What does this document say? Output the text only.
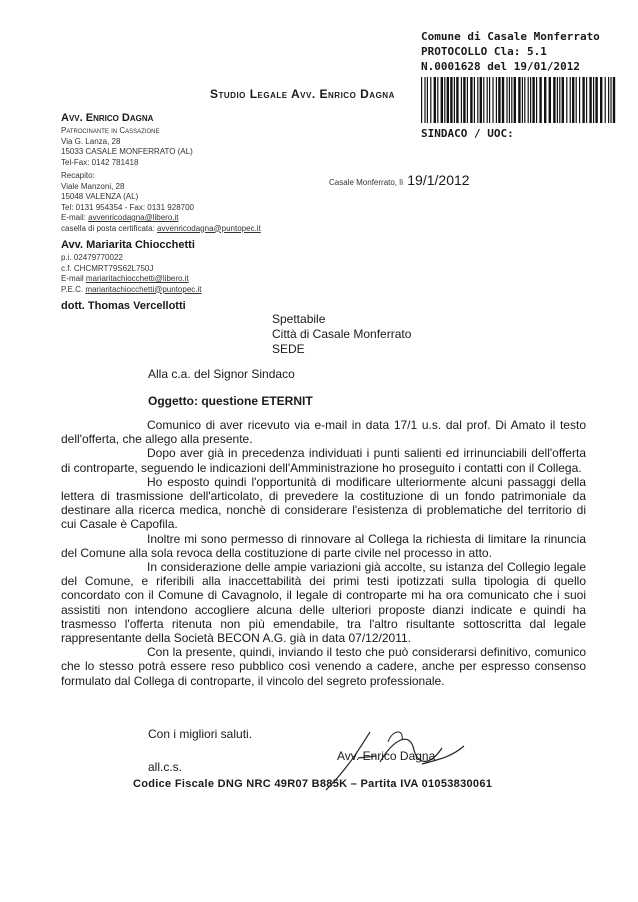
Comune di Casale Monferrato
PROTOCOLLO Cla: 5.1
N.0001628 del 19/01/2012
SINDACO / UOC:
Studio Legale Avv. Enrico Dagna
Avv. Enrico Dagna
Patrocinante in Cassazione
Via G. Lanza, 28
15033 CASALE MONFERRATO (AL)
Tel-Fax: 0142 781418
Recapito:
Viale Manzoni, 28
15048 VALENZA (AL)
Tel: 0131 954354 - Fax: 0131 928700
E-mail: avvenricodagna@libero.it
casella di posta certificata: avvenricodagna@puntopec.it
Casale Monferrato, lì 19/1/2012
Avv. Mariarita Chiocchetti
p.i. 02479770022
c.f. CHCMRT79S62L750J
E-mail mariaritachiocchetti@libero.it
P.E.C. mariaritachiocchetti@puntopec.it
dott. Thomas Vercellotti
Spettabile
Città di Casale Monferrato
SEDE
Alla c.a. del Signor Sindaco
Oggetto: questione ETERNIT

Comunico di aver ricevuto via e-mail in data 17/1 u.s. dal prof. Di Amato il testo dell'offerta, che allego alla presente.

Dopo aver già in precedenza individuati i punti salienti ed irrinunciabili dell'offerta di controparte, seguendo le indicazioni dell'Amministrazione ho proseguito i contatti con il Collega.

Ho esposto quindi l'opportunità di modificare ulteriormente alcuni passaggi della lettera di trasmissione dell'articolato, di prevedere la costituzione di un fondo patrimoniale da destinare alla ricerca medica, nonchè di considerare l'esistenza di problematiche del territorio di cui Casale è Capofila.

Inoltre mi sono permesso di rinnovare al Collega la richiesta di limitare la rinuncia del Comune alla sola revoca della costituzione di parte civile nel processo in atto.

In considerazione delle ampie variazioni già accolte, su istanza del Collegio legale del Comune, e riferibili alla inaccettabilità dei primi testi ipotizzati sulla tipologia di quello concordato con il Comune di Cavagnolo, il legale di controparte mi ha ora comunicato che i suoi assistiti non intendono accogliere alcuna delle ulteriori proposte dianzi indicate e quindi ha trasmesso l'offerta ritenuta non più emendabile, tra l'altro risultante sottoscritta dal legale rappresentante della Società BECON A.G. già in data 07/12/2011.

Con la presente, quindi, inviando il testo che può considerarsi definitivo, comunico che lo stesso potrà essere reso pubblico così venendo a cadere, anche per espresso consenso formulato dal Collega di controparte, il vincolo del segreto professionale.

Con i migliori saluti.
Avv. Enrico Dagna
all.c.s.
Codice Fiscale DNG NRC 49R07 B885K – Partita IVA 01053830061
